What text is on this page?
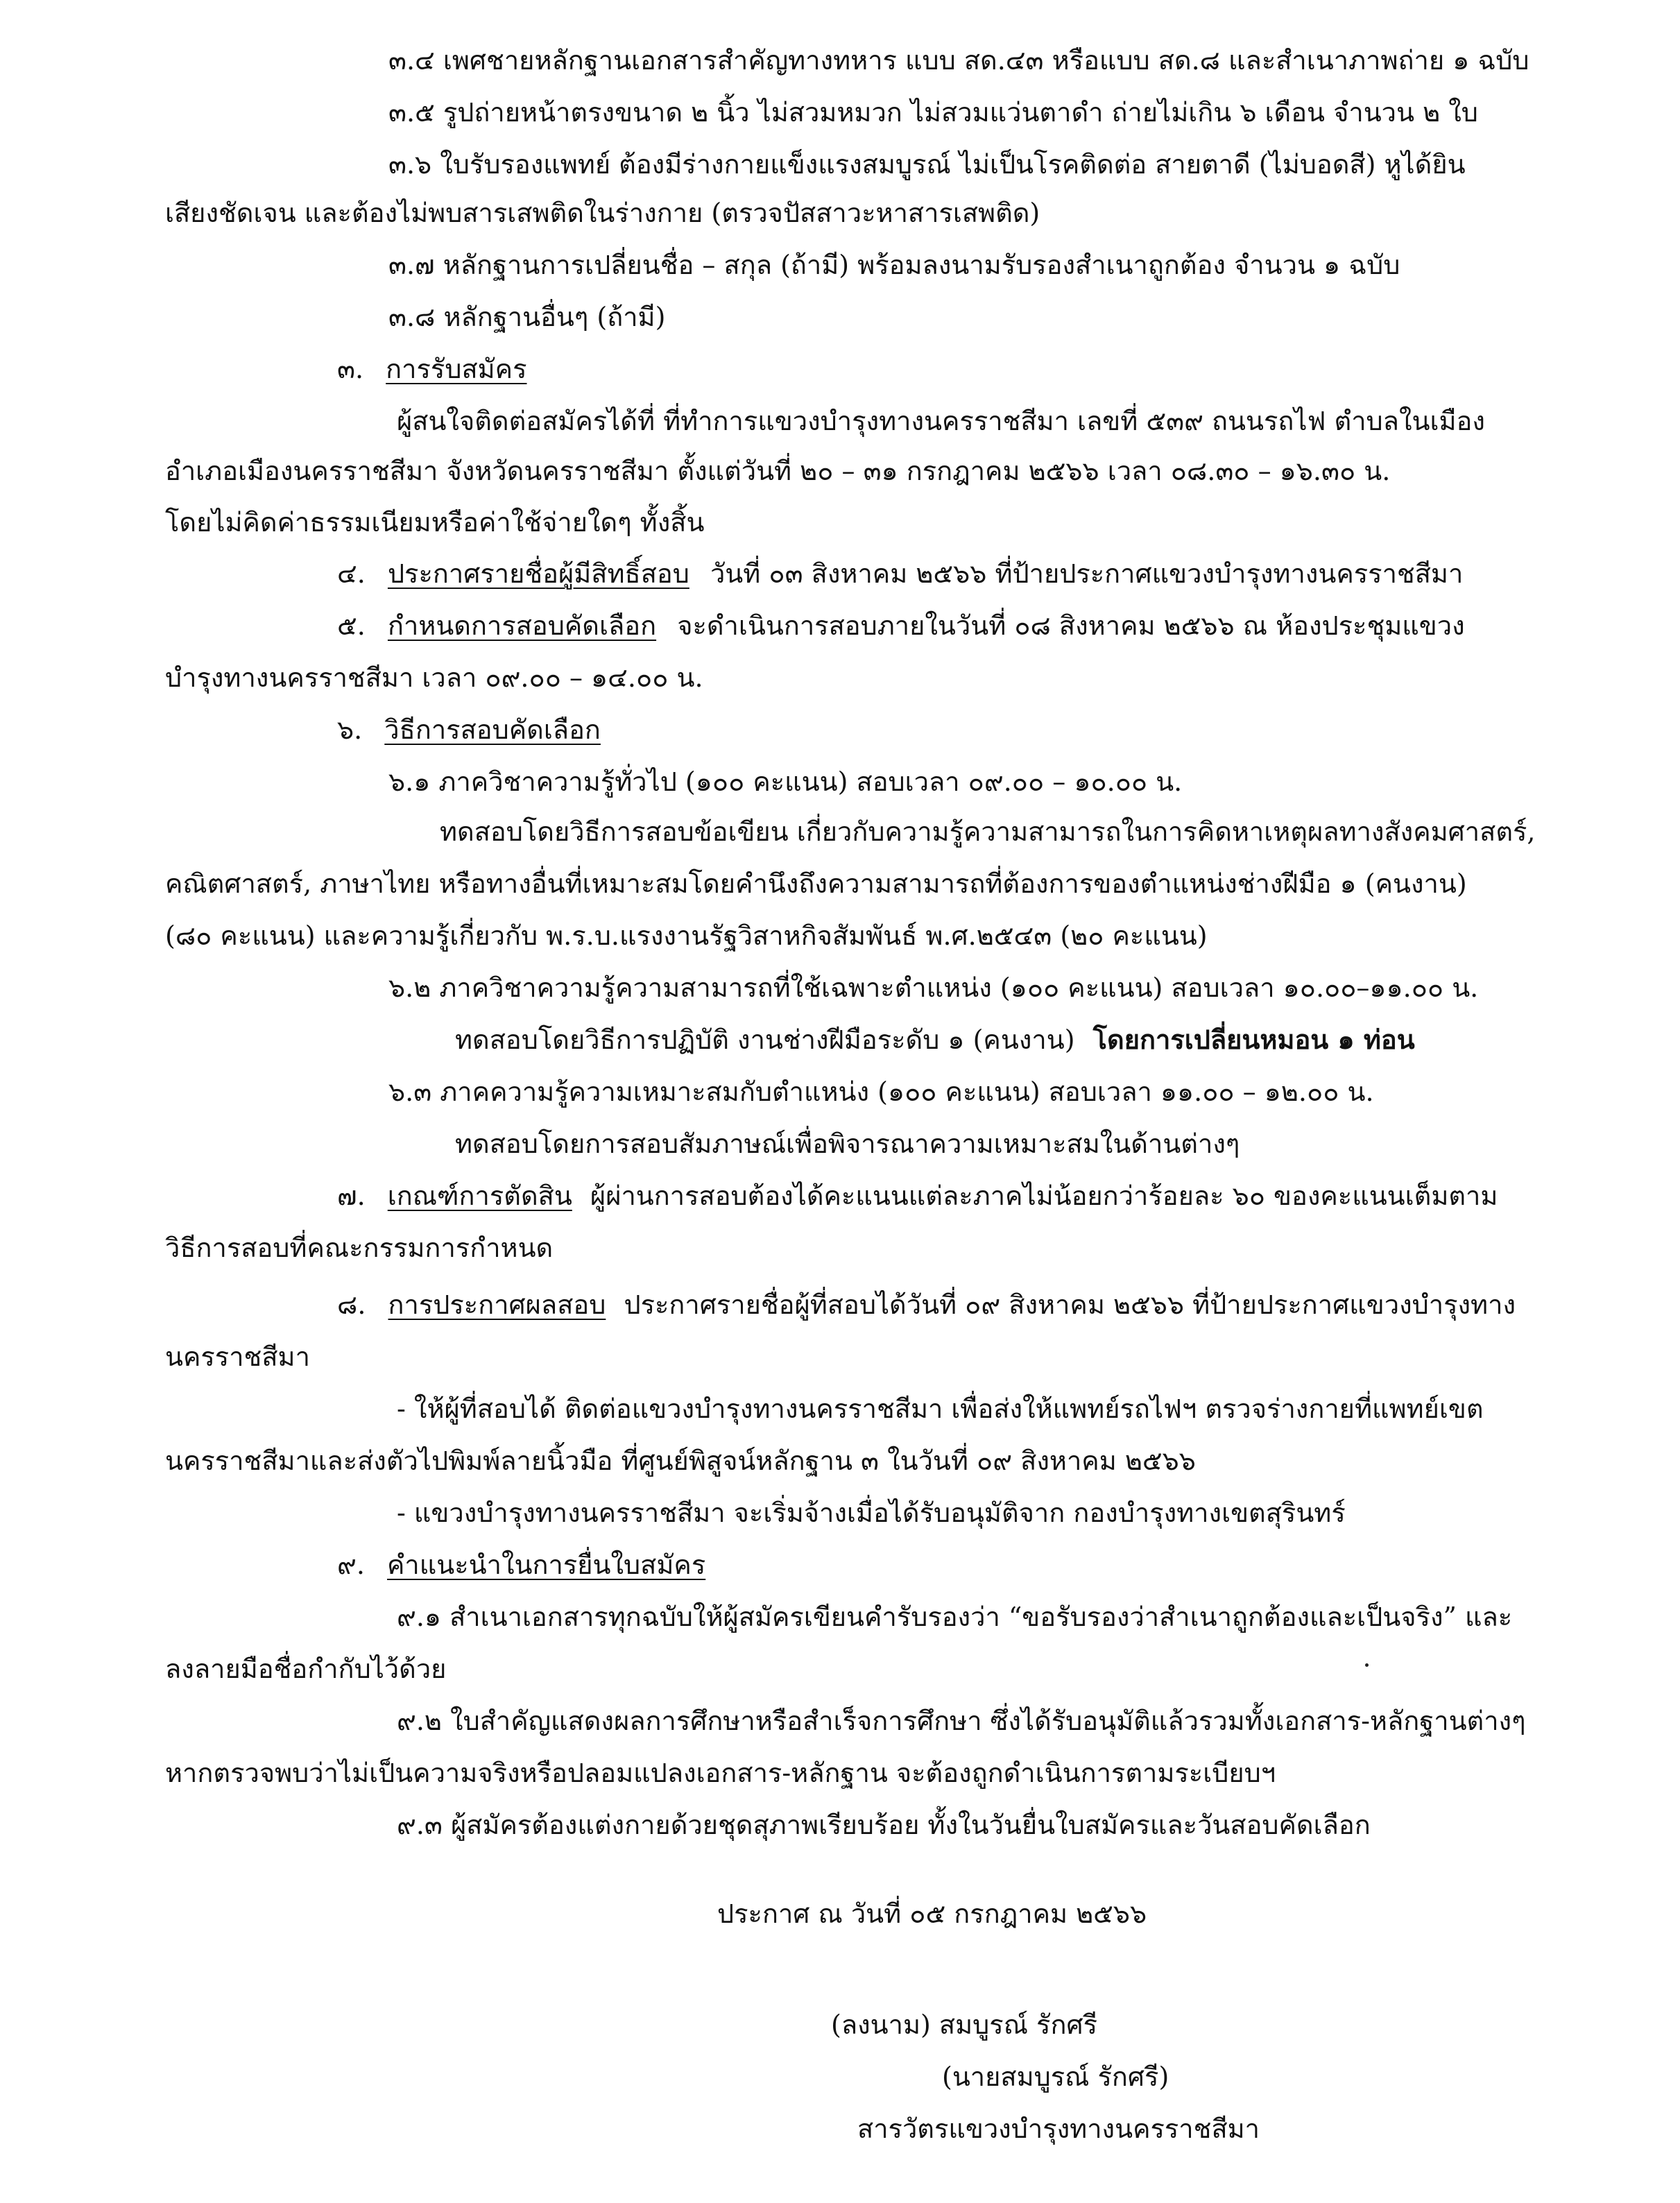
๓.๔ เพศชายหลักฐานเอกสารสำคัญทางทหาร แบบ สด.๔๓ หรือแบบ สด.๘ และสำเนาภาพถ่าย ๑ ฉบับ
๓.๕ รูปถ่ายหน้าตรงขนาด ๒ นิ้ว ไม่สวมหมวก ไม่สวมแว่นตาดำ ถ่ายไม่เกิน ๖ เดือน จำนวน ๒ ใบ
๓.๖ ใบรับรองแพทย์ ต้องมีร่างกายแข็งแรงสมบูรณ์ ไม่เป็นโรคติดต่อ สายตาดี (ไม่บอดสี) หูได้ยิน
เสียงชัดเจน และต้องไม่พบสารเสพติดในร่างกาย (ตรวจปัสสาวะหาสารเสพติด)
๓.๗ หลักฐานการเปลี่ยนชื่อ – สกุล (ถ้ามี) พร้อมลงนามรับรองสำเนาถูกต้อง จำนวน ๑ ฉบับ
๓.๘ หลักฐานอื่นๆ (ถ้ามี)
๓. การรับสมัคร
ผู้สนใจติดต่อสมัครได้ที่ ที่ทำการแขวงบำรุงทางนครราชสีมา เลขที่ ๕๓๙ ถนนรถไฟ ตำบลในเมือง
อำเภอเมืองนครราชสีมา จังหวัดนครราชสีมา ตั้งแต่วันที่ ๒๐ – ๓๑ กรกฎาคม ๒๕๖๖ เวลา ๐๘.๓๐ – ๑๖.๓๐ น.
โดยไม่คิดค่าธรรมเนียมหรือค่าใช้จ่ายใดๆ ทั้งสิ้น
๔. ประกาศรายชื่อผู้มีสิทธิ์สอบ วันที่ ๐๓ สิงหาคม ๒๕๖๖ ที่ป้ายประกาศแขวงบำรุงทางนครราชสีมา
๕. กำหนดการสอบคัดเลือก จะดำเนินการสอบภายในวันที่ ๐๘ สิงหาคม ๒๕๖๖ ณ ห้องประชุมแขวง
บำรุงทางนครราชสีมา เวลา ๐๙.๐๐ – ๑๔.๐๐ น.
๖. วิธีการสอบคัดเลือก
๖.๑ ภาควิชาความรู้ทั่วไป (๑๐๐ คะแนน) สอบเวลา ๐๙.๐๐ – ๑๐.๐๐ น.
ทดสอบโดยวิธีการสอบข้อเขียน เกี่ยวกับความรู้ความสามารถในการคิดหาเหตุผลทางสังคมศาสตร์,
คณิตศาสตร์, ภาษาไทย หรือทางอื่นที่เหมาะสมโดยคำนึงถึงความสามารถที่ต้องการของตำแหน่งช่างฝีมือ ๑ (คนงาน)
(๘๐ คะแนน) และความรู้เกี่ยวกับ พ.ร.บ.แรงงานรัฐวิสาหกิจสัมพันธ์ พ.ศ.๒๕๔๓ (๒๐ คะแนน)
๖.๒ ภาควิชาความรู้ความสามารถที่ใช้เฉพาะตำแหน่ง (๑๐๐ คะแนน) สอบเวลา ๑๐.๐๐–๑๑.๐๐ น.
ทดสอบโดยวิธีการปฏิบัติ งานช่างฝีมือระดับ ๑ (คนงาน) โดยการเปลี่ยนหมอน ๑ ท่อน
๖.๓ ภาคความรู้ความเหมาะสมกับตำแหน่ง (๑๐๐ คะแนน) สอบเวลา ๑๑.๐๐ – ๑๒.๐๐ น.
ทดสอบโดยการสอบสัมภาษณ์เพื่อพิจารณาความเหมาะสมในด้านต่างๆ
๗. เกณฑ์การตัดสิน ผู้ผ่านการสอบต้องได้คะแนนแต่ละภาคไม่น้อยกว่าร้อยละ ๖๐ ของคะแนนเต็มตาม
วิธีการสอบที่คณะกรรมการกำหนด
๘. การประกาศผลสอบ ประกาศรายชื่อผู้ที่สอบได้วันที่ ๐๙ สิงหาคม ๒๕๖๖ ที่ป้ายประกาศแขวงบำรุงทาง
นครราชสีมา
- ให้ผู้ที่สอบได้ ติดต่อแขวงบำรุงทางนครราชสีมา เพื่อส่งให้แพทย์รถไฟฯ ตรวจร่างกายที่แพทย์เขต
นครราชสีมาและส่งตัวไปพิมพ์ลายนิ้วมือ ที่ศูนย์พิสูจน์หลักฐาน ๓ ในวันที่ ๐๙ สิงหาคม ๒๕๖๖
- แขวงบำรุงทางนครราชสีมา จะเริ่มจ้างเมื่อได้รับอนุมัติจาก กองบำรุงทางเขตสุรินทร์
๙. คำแนะนำในการยื่นใบสมัคร
๙.๑ สำเนาเอกสารทุกฉบับให้ผู้สมัครเขียนคำรับรองว่า “ขอรับรองว่าสำเนาถูกต้องและเป็นจริง” และ
ลงลายมือชื่อกำกับไว้ด้วย
๙.๒ ใบสำคัญแสดงผลการศึกษาหรือสำเร็จการศึกษา ซึ่งได้รับอนุมัติแล้วรวมทั้งเอกสาร-หลักฐานต่างๆ
หากตรวจพบว่าไม่เป็นความจริงหรือปลอมแปลงเอกสาร-หลักฐาน จะต้องถูกดำเนินการตามระเบียบฯ
๙.๓ ผู้สมัครต้องแต่งกายด้วยชุดสุภาพเรียบร้อย ทั้งในวันยื่นใบสมัครและวันสอบคัดเลือก
ประกาศ ณ วันที่ ๐๕ กรกฎาคม ๒๕๖๖
(ลงนาม) สมบูรณ์ รักศรี
(นายสมบูรณ์ รักศรี)
สารวัตรแขวงบำรุงทางนครราชสีมา
